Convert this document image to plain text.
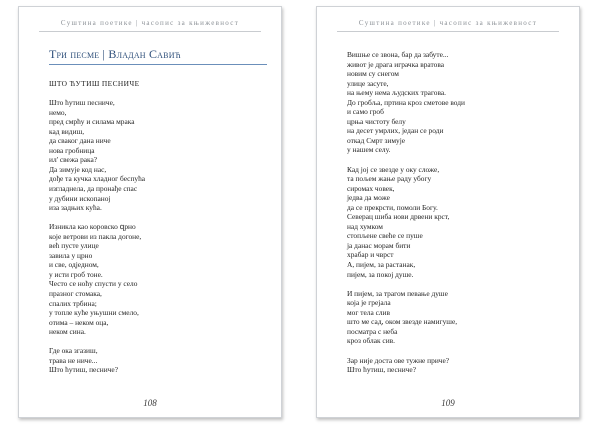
Суштина поетике | часопис за књижевност
Три песме | Владан Савић
ШТО ЋУТИШ ПЕСНИЧЕ
Што ћутиш песниче,
немо,
пред смрћу и силама мрака
кад видиш,
да сваког дана ниче
нова гробница
ил' свежа рака?
Да зимује код нас,
дође та кучка хладног беспућа
изгладнела, да пронађе спас
у дубини ископаној
иза задњих кућа.
Изникла као коровско զрно
које ветрови из пакла догоне,
већ пусте улице
завила у црно
и све, одједном,
у исти гроб тоне.
Често се ноћу спусти у село
празног стомака,
спалих трбина;
у топле куће уњушни смело,
отима – неком оца,
неком сина.
Где ока згазиш,
трава не ниче...
Што ћутиш, песниче?
108
Суштина поетике | часопис за књижевност
Вишње се звона, бар да забуте...
живот је драга играчка вратова
новим су снегом
улице засуте,
на њему нема људских трагова.
До гробља, пртина кроз сметове води
и само гроб
црња чистоту белу
на десет умрлих, један се роди
откад Смрт зимује
у нашем селу.
Кад јој се звезде у оку сложе,
та пољем жање раду убогу
сиромах човек,
једва да може
да се прекрсти, помоли Богу.
Северац шиба нови дрвени крст,
над хумком
стопљене свеће се пуше
ја данас морам бити
храбар и чврст
А, пијем, за растанак,
пијем, за покој душе.
И пијем, за трагом певање душе
која је грејала
мог тела слив
што ме сад, оком звезде намигуше,
посматра с неба
кроз облак сив.
Зар није доста ове тужне причe?
Што ћутиш, песниче?
109
